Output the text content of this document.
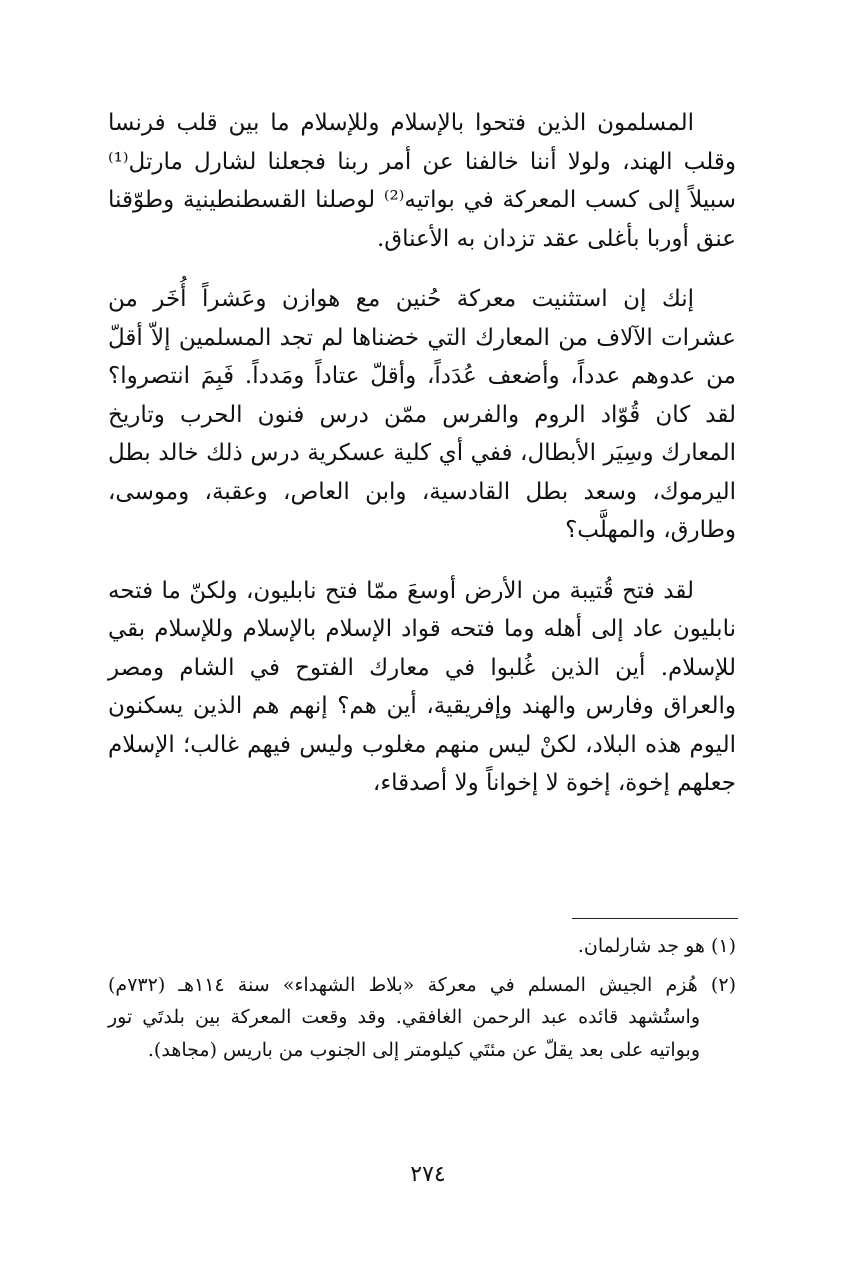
المسلمون الذين فتحوا بالإسلام وللإسلام ما بين قلب فرنسا وقلب الهند، ولولا أننا خالفنا عن أمر ربنا فجعلنا لشارل مارتل⁽¹⁾ سبيلاً إلى كسب المعركة في بواتيه⁽²⁾ لوصلنا القسطنطينية وطوّقنا عنق أوربا بأغلى عقد تزدان به الأعناق.

إنك إن استثنيت معركة حُنين مع هوازن وعَشراً أُخَر من عشرات الآلاف من المعارك التي خضناها لم تجد المسلمين إلاّ أقلّ من عدوهم عدداً، وأضعف عُدَداً، وأقلّ عتاداً ومَدداً. فَبِمَ انتصروا؟ لقد كان قُوّاد الروم والفرس ممّن درس فنون الحرب وتاريخ المعارك وسِيَر الأبطال، ففي أي كلية عسكرية درس ذلك خالد بطل اليرموك، وسعد بطل القادسية، وابن العاص، وعقبة، وموسى، وطارق، والمهلَّب؟

لقد فتح قُتيبة من الأرض أوسعَ ممّا فتح نابليون، ولكنّ ما فتحه نابليون عاد إلى أهله وما فتحه قواد الإسلام بالإسلام وللإسلام بقي للإسلام. أين الذين غُلبوا في معارك الفتوح في الشام ومصر والعراق وفارس والهند وإفريقية، أين هم؟ إنهم هم الذين يسكنون اليوم هذه البلاد، لكنْ ليس منهم مغلوب وليس فيهم غالب؛ الإسلام جعلهم إخوة، إخوة لا إخواناً ولا أصدقاء،

(١) هو جد شارلمان.

(٢) هُزم الجيش المسلم في معركة «بلاط الشهداء» سنة ١١٤هـ (٧٣٢م) واستُشهد قائده عبد الرحمن الغافقي. وقد وقعت المعركة بين بلدتَي تور وبواتيه على بعد يقلّ عن مئتَي كيلومتر إلى الجنوب من باريس (مجاهد).

٢٧٤
